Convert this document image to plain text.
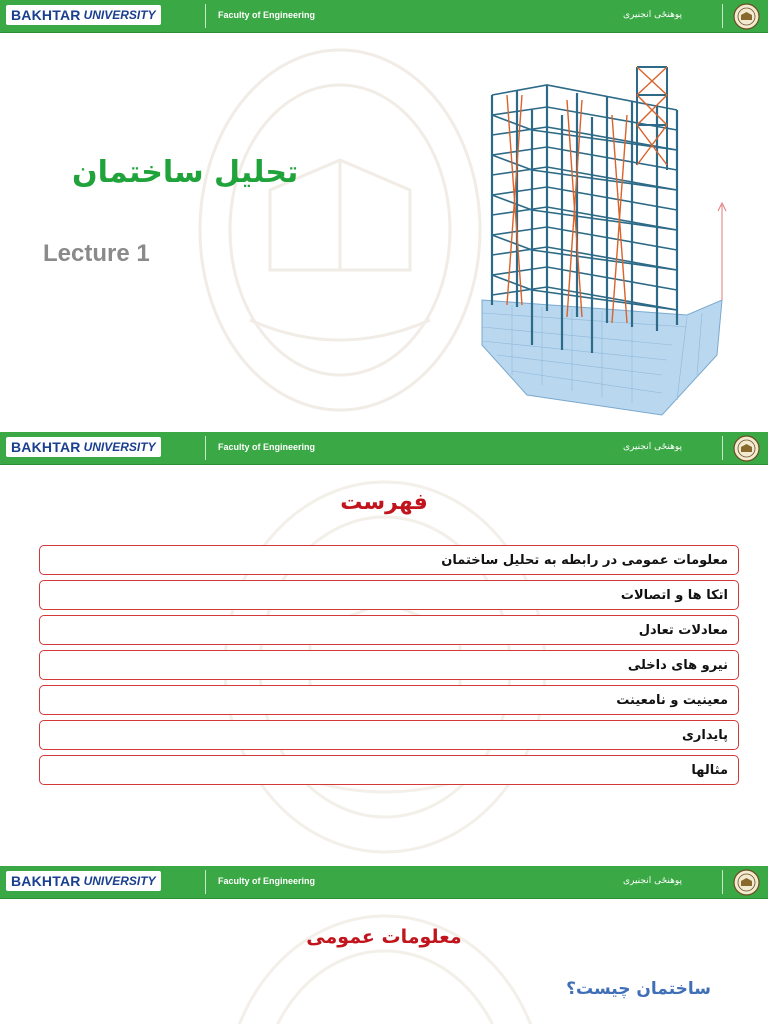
BAKHTAR UNIVERSITY	Faculty of Engineering	پوهنځی انجنیری
تحلیل ساختمان
Lecture 1
BAKHTAR UNIVERSITY	Faculty of Engineering	پوهنځی انجنیری
فهرست
معلومات عمومی در رابطه به تحلیل ساختمان
اتکا ها و اتصالات
معادلات تعادل
نیرو های داخلی
معینیت و نامعینت
پایداری
مثالها
BAKHTAR UNIVERSITY	Faculty of Engineering	پوهنځی انجنیری
معلومات عمومی
ساختمان چیست؟
